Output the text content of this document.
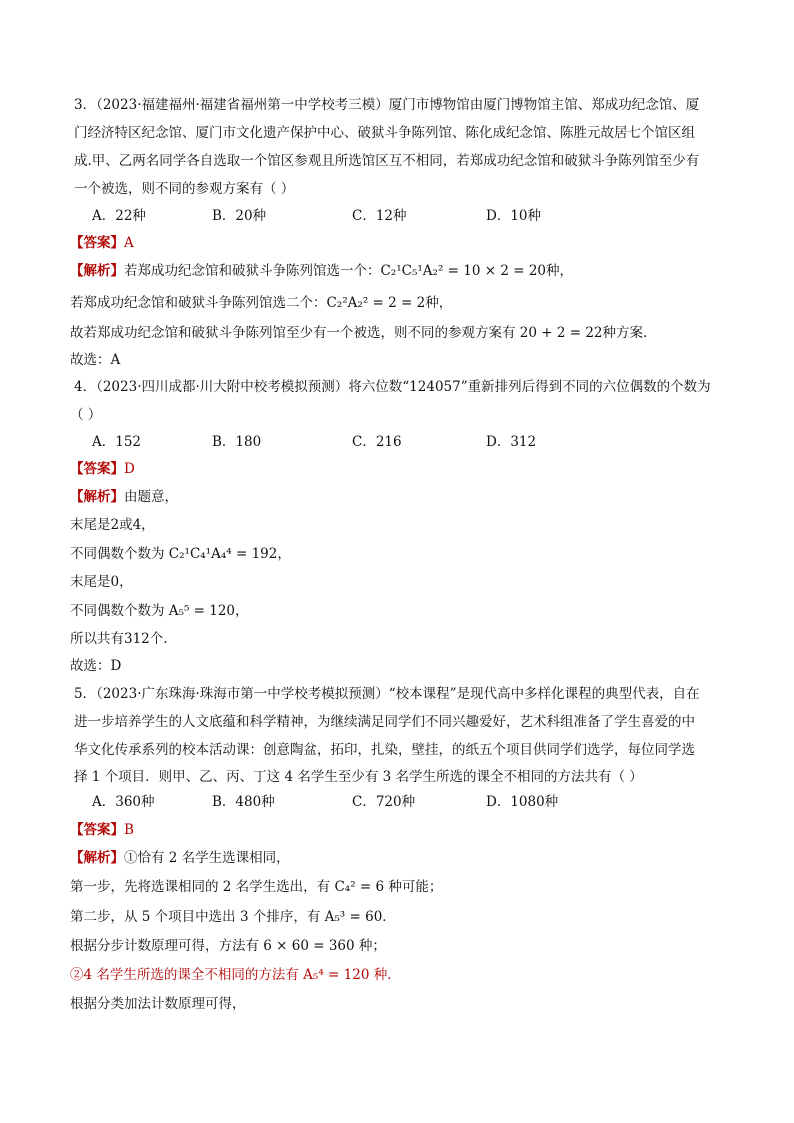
3．（2023·福建福州·福建省福州第一中学校考三模）厦门市博物馆由厦门博物馆主馆、郑成功纪念馆、厦
门经济特区纪念馆、厦门市文化遗产保护中心、破狱斗争陈列馆、陈化成纪念馆、陈胜元故居七个馆区组
成.甲、乙两名同学各自选取一个馆区参观且所选馆区互不相同，若郑成功纪念馆和破狱斗争陈列馆至少有
一个被选，则不同的参观方案有（ ）
A．22种	B．20种	C．12种	D．10种
【答案】A
【解析】若郑成功纪念馆和破狱斗争陈列馆选一个：C₂¹C₅¹A₂² = 10 × 2 = 20种，
若郑成功纪念馆和破狱斗争陈列馆选二个：C₂²A₂² = 2 = 2种，
故若郑成功纪念馆和破狱斗争陈列馆至少有一个被选，则不同的参观方案有 20 + 2 = 22种方案.
故选：A
4．（2023·四川成都·川大附中校考模拟预测）将六位数“124057”重新排列后得到不同的六位偶数的个数为
（ ）
A．152	B．180	C．216	D．312
【答案】D
【解析】由题意，
末尾是2或4，
不同偶数个数为 C₂¹C₄¹A₄⁴ = 192，
末尾是0，
不同偶数个数为 A₅⁵ = 120，
所以共有312个.
故选：D
5．（2023·广东珠海·珠海市第一中学校考模拟预测）“校本课程”是现代高中多样化课程的典型代表，自在
进一步培养学生的人文底蕴和科学精神，为继续满足同学们不同兴趣爱好，艺术科组准备了学生喜爱的中
华文化传承系列的校本活动课：创意陶盆，拓印，扎染，壁挂，的纸五个项目供同学们选学，每位同学选
择 1 个项目．则甲、乙、丙、丁这 4 名学生至少有 3 名学生所选的课全不相同的方法共有（ ）
A．360种	B．480种	C．720种	D．1080种
【答案】B
【解析】①恰有 2 名学生选课相同，
第一步，先将选课相同的 2 名学生选出，有 C₄² = 6 种可能；
第二步，从 5 个项目中选出 3 个排序，有 A₅³ = 60．
根据分步计数原理可得，方法有 6 × 60 = 360 种；
②4 名学生所选的课全不相同的方法有 A₅⁴ = 120 种．
根据分类加法计数原理可得，
